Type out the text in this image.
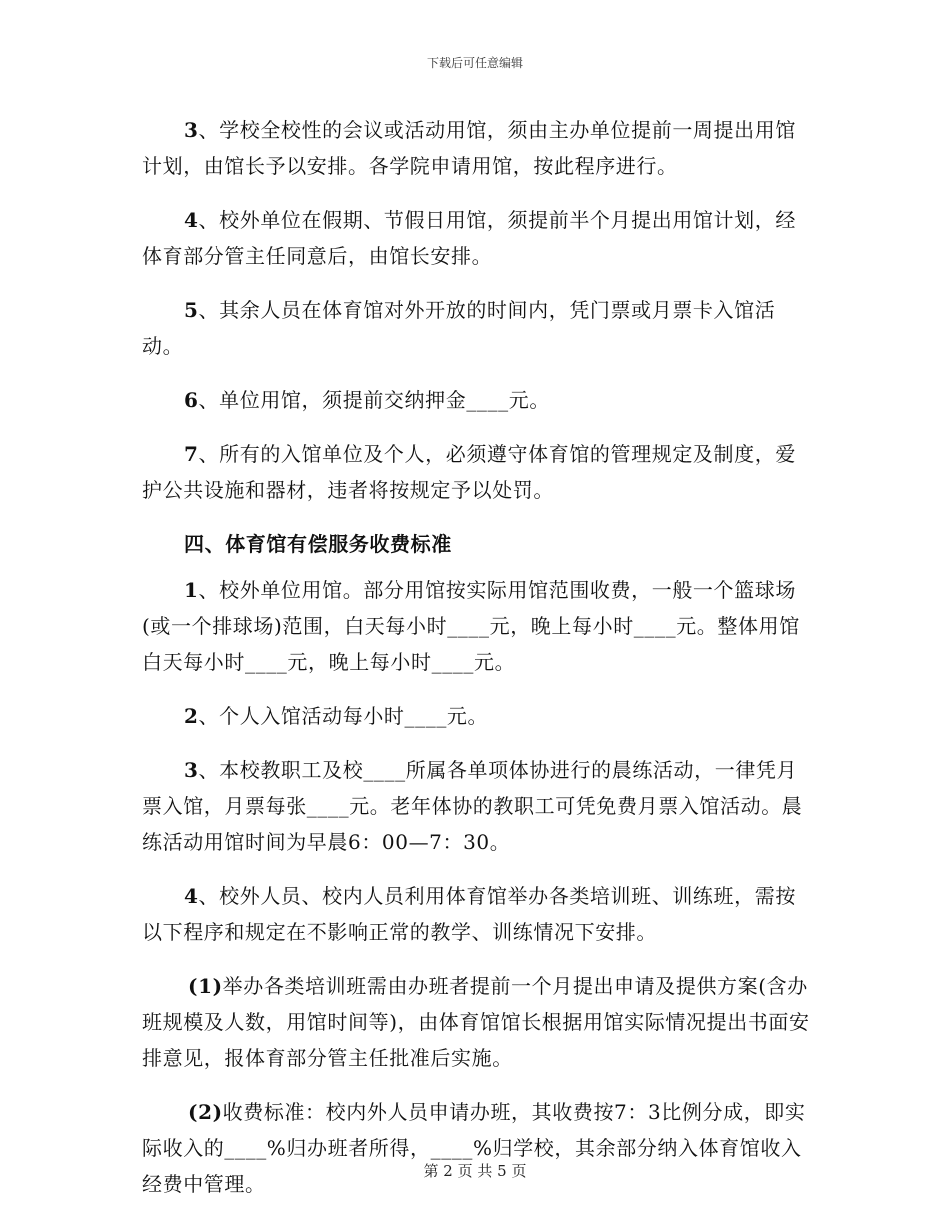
下载后可任意编辑

3、学校全校性的会议或活动用馆，须由主办单位提前一周提出用馆计划，由馆长予以安排。各学院申请用馆，按此程序进行。

4、校外单位在假期、节假日用馆，须提前半个月提出用馆计划，经体育部分管主任同意后，由馆长安排。

5、其余人员在体育馆对外开放的时间内，凭门票或月票卡入馆活动。

6、单位用馆，须提前交纳押金____元。

7、所有的入馆单位及个人，必须遵守体育馆的管理规定及制度，爱护公共设施和器材，违者将按规定予以处罚。

四、体育馆有偿服务收费标准

1、校外单位用馆。部分用馆按实际用馆范围收费，一般一个篮球场(或一个排球场)范围，白天每小时____元，晚上每小时____元。整体用馆白天每小时____元，晚上每小时____元。

2、个人入馆活动每小时____元。

3、本校教职工及校____所属各单项体协进行的晨练活动，一律凭月票入馆，月票每张____元。老年体协的教职工可凭免费月票入馆活动。晨练活动用馆时间为早晨6：00—7：30。

4、校外人员、校内人员利用体育馆举办各类培训班、训练班，需按以下程序和规定在不影响正常的教学、训练情况下安排。

(1)举办各类培训班需由办班者提前一个月提出申请及提供方案(含办班规模及人数，用馆时间等)，由体育馆馆长根据用馆实际情况提出书面安排意见，报体育部分管主任批准后实施。

(2)收费标准：校内外人员申请办班，其收费按7：3比例分成，即实际收入的____%归办班者所得，____%归学校，其余部分纳入体育馆收入经费中管理。

第 2 页 共 5 页
